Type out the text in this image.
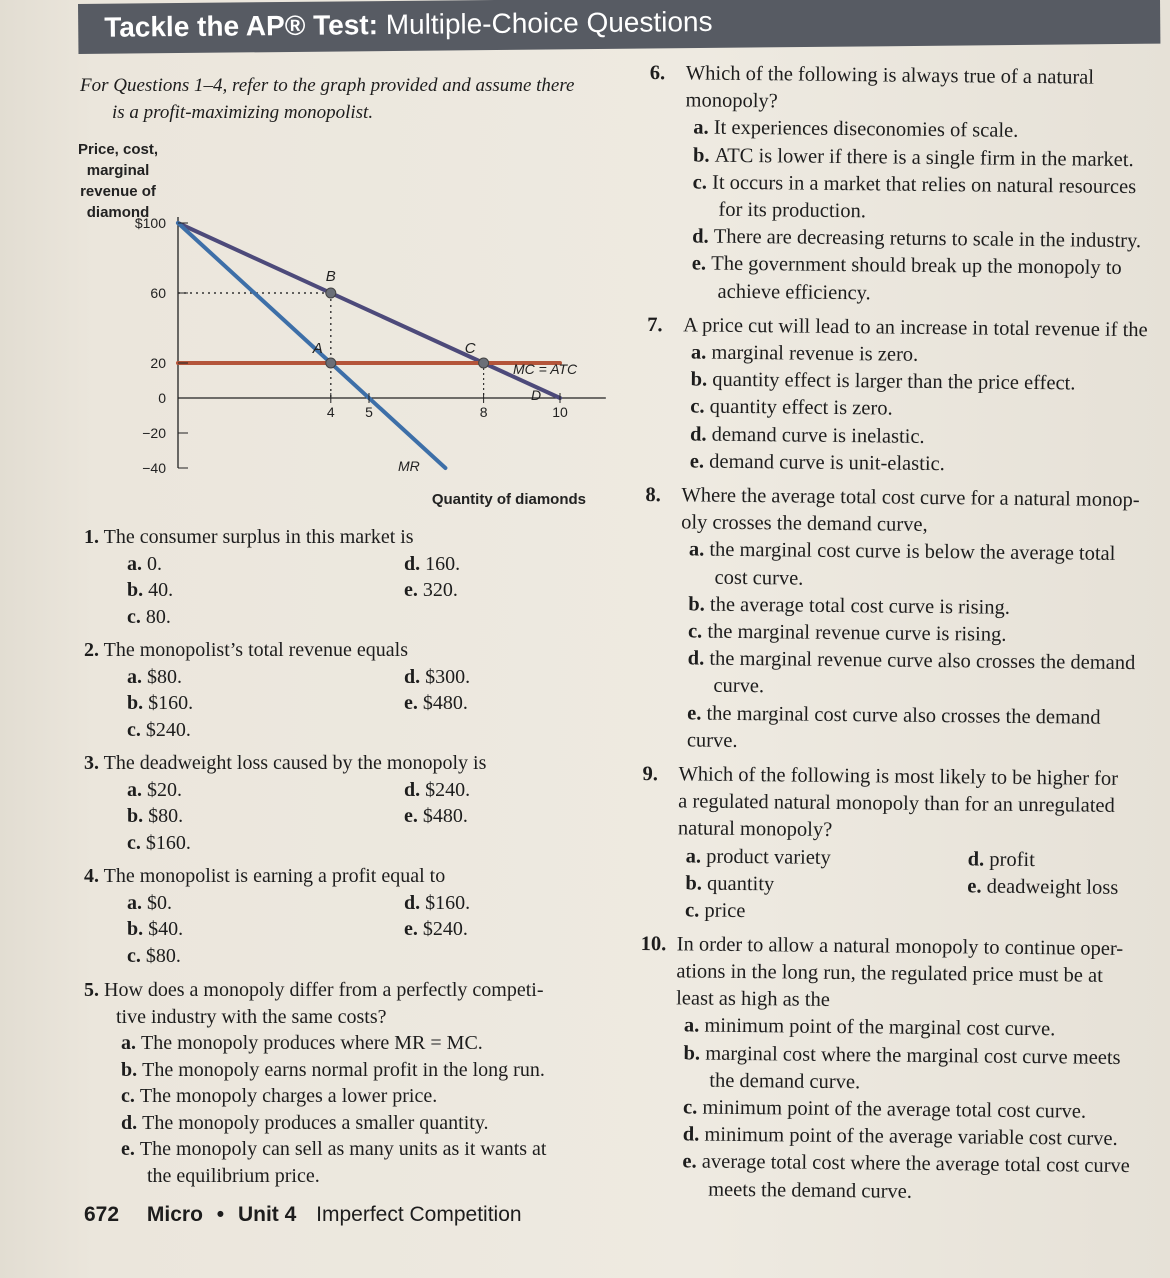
Tackle the AP® Test: Multiple-Choice Questions
For Questions 1–4, refer to the graph provided and assume there
is a profit-maximizing monopolist.
Price, cost,
marginal
revenue of
diamond
B
A	C
$100
60
20
0
−20
−40
4 5	8	10
MC = ATC
D
MR
Quantity of diamonds
1. The consumer surplus in this market is
a. 0.	d. 160.
b. 40.	e. 320.
c. 80.
2. The monopolist’s total revenue equals
a. $80.	d. $300.
b. $160.	e. $480.
c. $240.
3. The deadweight loss caused by the monopoly is
a. $20.	d. $240.
b. $80.	e. $480.
c. $160.
4. The monopolist is earning a profit equal to
a. $0.	d. $160.
b. $40.	e. $240.
c. $80.
5. How does a monopoly differ from a perfectly competi-
tive industry with the same costs?
a. The monopoly produces where MR = MC.
b. The monopoly earns normal profit in the long run.
c. The monopoly charges a lower price.
d. The monopoly produces a smaller quantity.
e. The monopoly can sell as many units as it wants at
the equilibrium price.
6. Which of the following is always true of a natural
monopoly?
a. It experiences diseconomies of scale.
b. ATC is lower if there is a single firm in the market.
c. It occurs in a market that relies on natural resources
for its production.
d. There are decreasing returns to scale in the industry.
e. The government should break up the monopoly to
achieve efficiency.
7. A price cut will lead to an increase in total revenue if the
a. marginal revenue is zero.
b. quantity effect is larger than the price effect.
c. quantity effect is zero.
d. demand curve is inelastic.
e. demand curve is unit-elastic.
8. Where the average total cost curve for a natural monop-
oly crosses the demand curve,
a. the marginal cost curve is below the average total
cost curve.
b. the average total cost curve is rising.
c. the marginal revenue curve is rising.
d. the marginal revenue curve also crosses the demand
curve.
e. the marginal cost curve also crosses the demand curve.
9. Which of the following is most likely to be higher for
a regulated natural monopoly than for an unregulated
natural monopoly?
a. product variety
b. quantity
c. price
d. profit
e. deadweight loss
10. In order to allow a natural monopoly to continue oper-
ations in the long run, the regulated price must be at
least as high as the
a. minimum point of the marginal cost curve.
b. marginal cost where the marginal cost curve meets
the demand curve.
c. minimum point of the average total cost curve.
d. minimum point of the average variable cost curve.
e. average total cost where the average total cost curve
meets the demand curve.
672 Micro • Unit 4 Imperfect Competition
